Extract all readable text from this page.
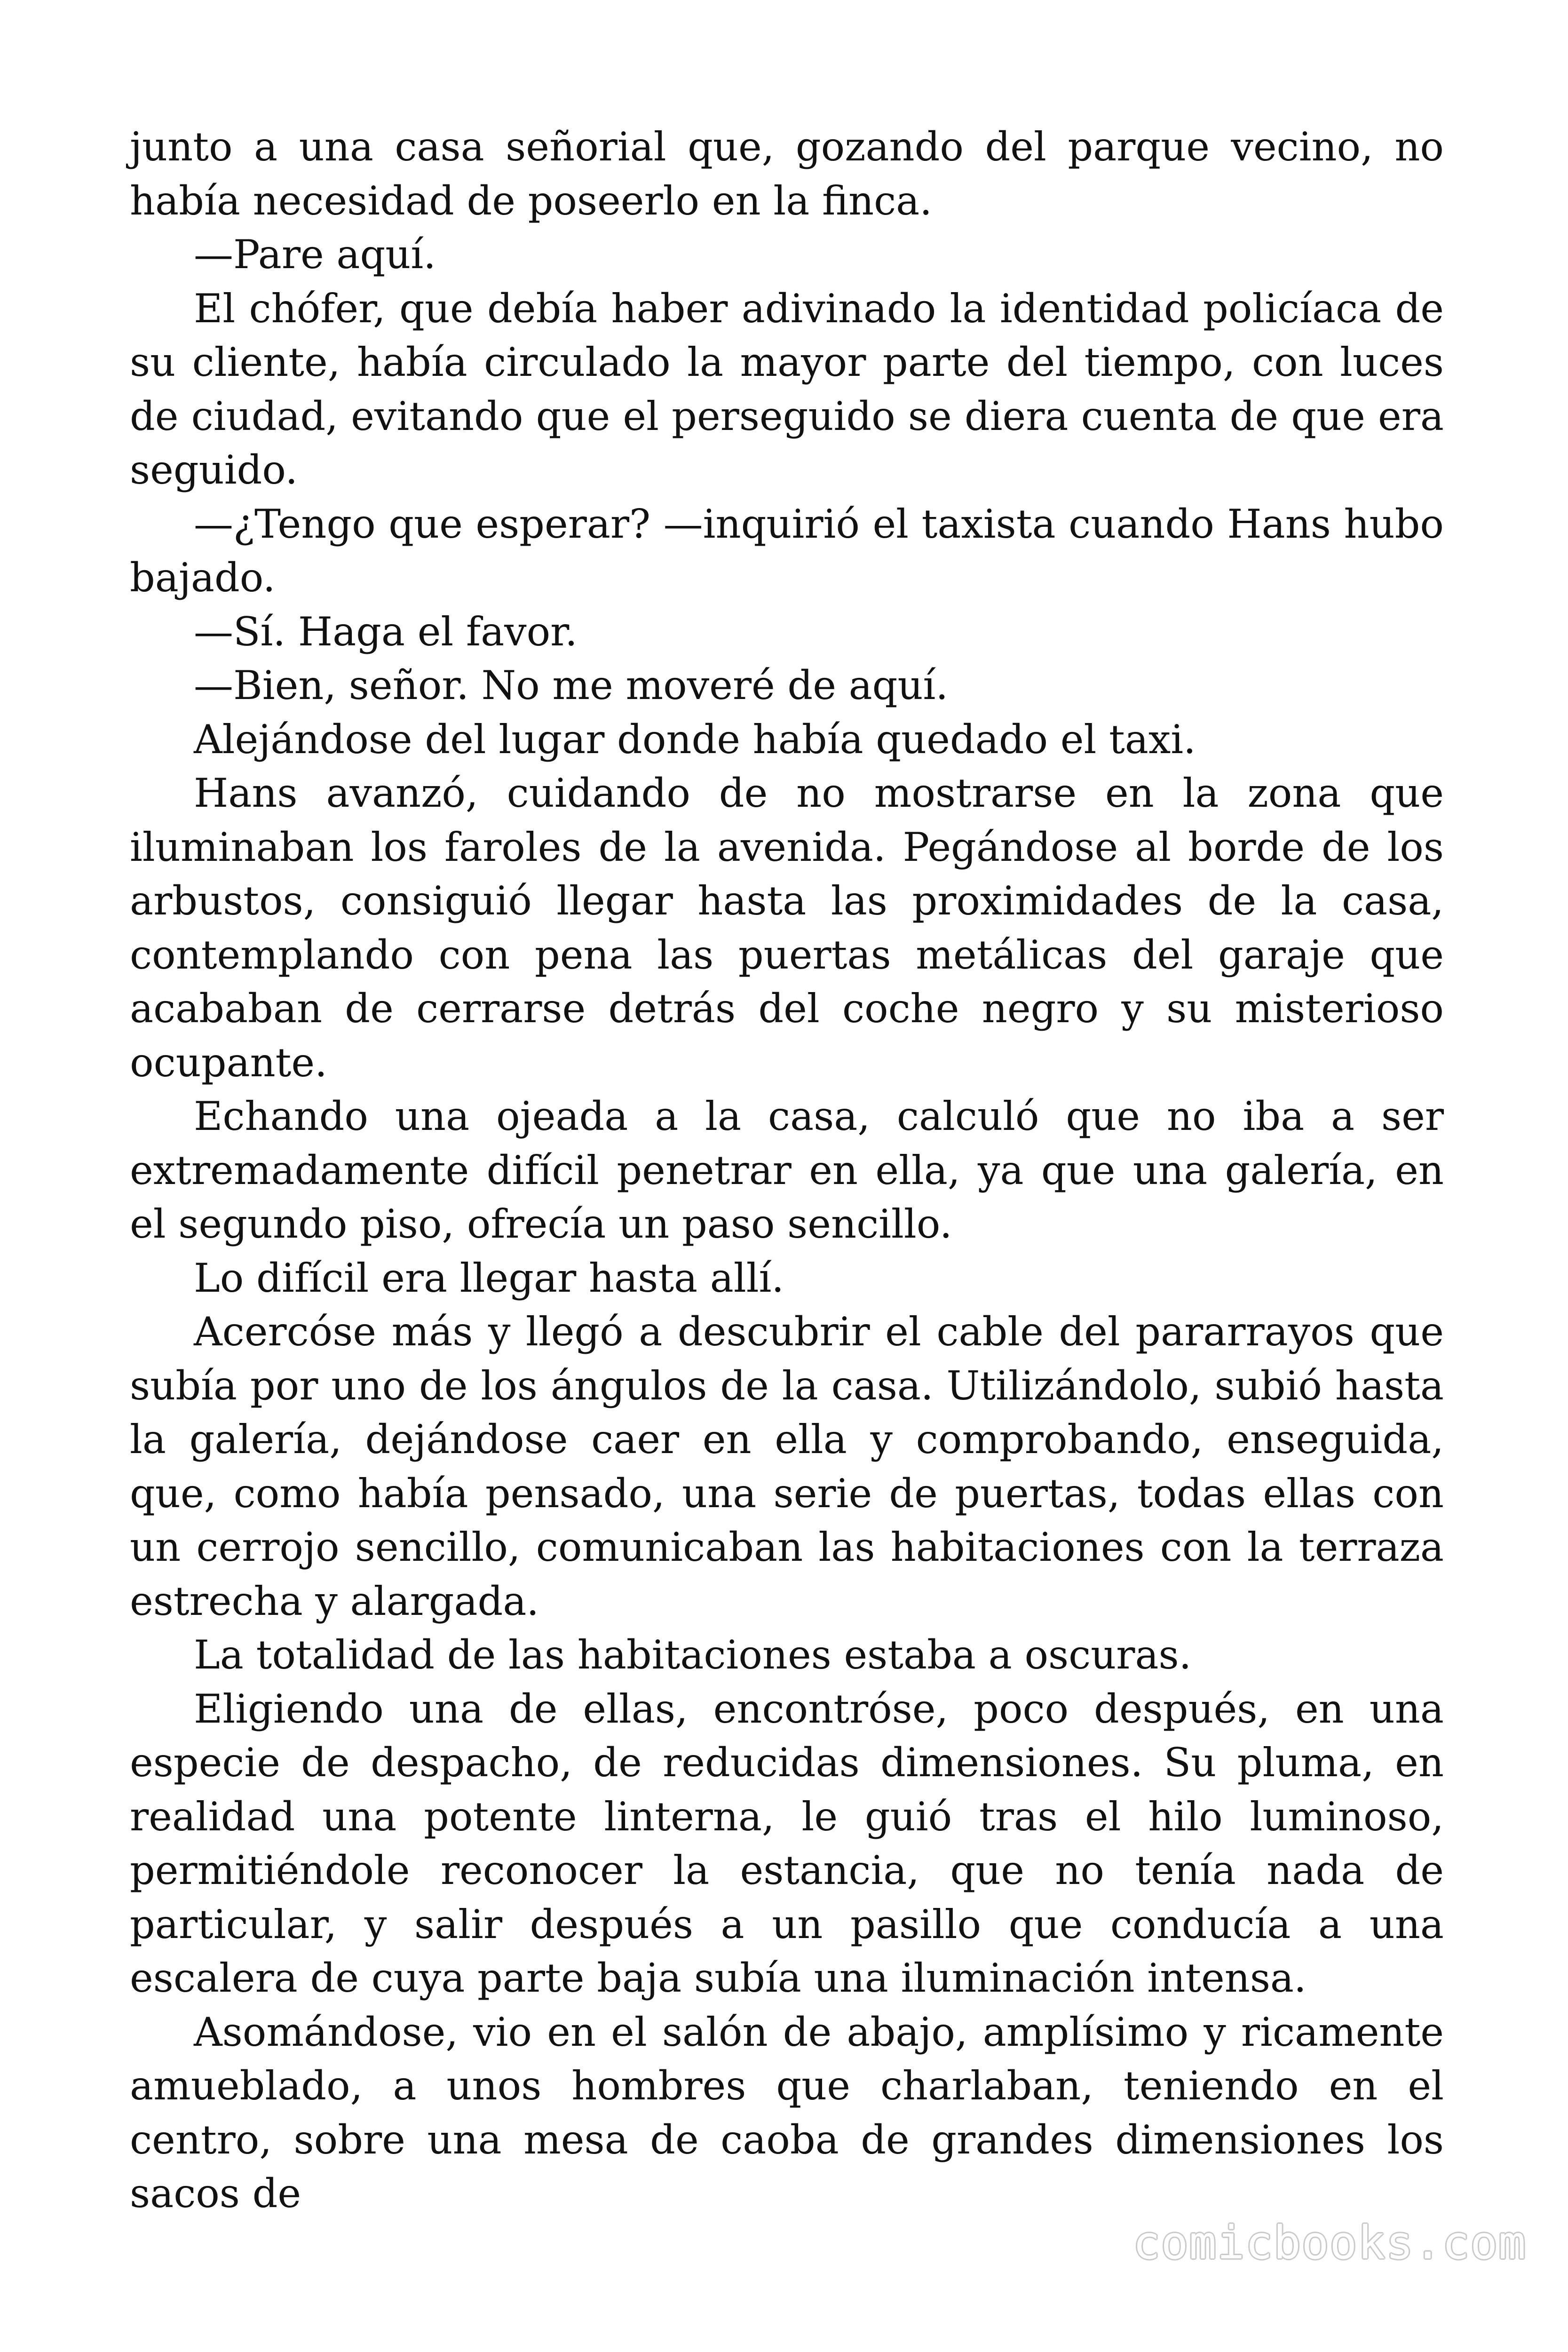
junto a una casa señorial que, gozando del parque vecino, no había necesidad de poseerlo en la finca.

—Pare aquí.

El chófer, que debía haber adivinado la identidad policíaca de su cliente, había circulado la mayor parte del tiempo, con luces de ciudad, evitando que el perseguido se diera cuenta de que era seguido.

—¿Tengo que esperar? —inquirió el taxista cuando Hans hubo bajado.

—Sí. Haga el favor.

—Bien, señor. No me moveré de aquí.

Alejándose del lugar donde había quedado el taxi.

Hans avanzó, cuidando de no mostrarse en la zona que iluminaban los faroles de la avenida. Pegándose al borde de los arbustos, consiguió llegar hasta las proximidades de la casa, contemplando con pena las puertas metálicas del garaje que acababan de cerrarse detrás del coche negro y su misterioso ocupante.

Echando una ojeada a la casa, calculó que no iba a ser extremadamente difícil penetrar en ella, ya que una galería, en el segundo piso, ofrecía un paso sencillo.

Lo difícil era llegar hasta allí.

Acercóse más y llegó a descubrir el cable del pararrayos que subía por uno de los ángulos de la casa. Utilizándolo, subió hasta la galería, dejándose caer en ella y comprobando, enseguida, que, como había pensado, una serie de puertas, todas ellas con un cerrojo sencillo, comunicaban las habitaciones con la terraza estrecha y alargada.

La totalidad de las habitaciones estaba a oscuras.

Eligiendo una de ellas, encontróse, poco después, en una especie de despacho, de reducidas dimensiones. Su pluma, en realidad una potente linterna, le guió tras el hilo luminoso, permitiéndole reconocer la estancia, que no tenía nada de particular, y salir después a un pasillo que conducía a una escalera de cuya parte baja subía una iluminación intensa.

Asomándose, vio en el salón de abajo, amplísimo y ricamente amueblado, a unos hombres que charlaban, teniendo en el centro, sobre una mesa de caoba de grandes dimensiones los sacos de

comicbooks.com
